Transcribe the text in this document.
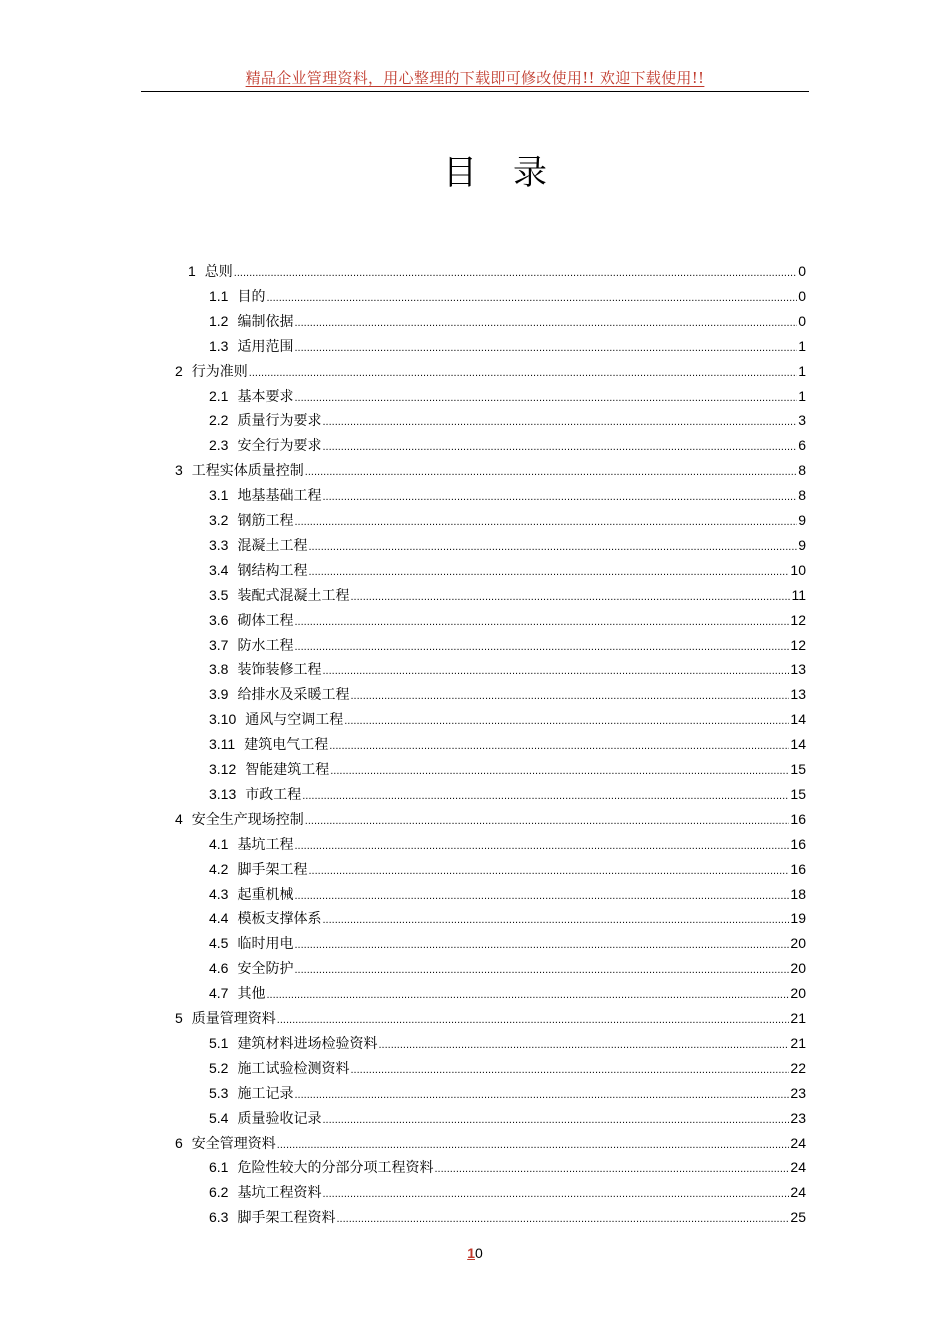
精品企业管理资料，用心整理的下载即可修改使用!! 欢迎下载使用!!
目录
1 总则 .....	0
1.1 目的 .....	0
1.2 编制依据 .....	0
1.3 适用范围 .....	1
2 行为准则 .....	1
2.1 基本要求 .....	1
2.2 质量行为要求 .....	3
2.3 安全行为要求 .....	6
3 工程实体质量控制 .....	8
3.1 地基基础工程 .....	8
3.2 钢筋工程 .....	9
3.3 混凝土工程 .....	9
3.4 钢结构工程 .....	10
3.5 装配式混凝土工程 .....	11
3.6 砌体工程 .....	12
3.7 防水工程 .....	12
3.8 装饰装修工程 .....	13
3.9 给排水及采暖工程 .....	13
3.10 通风与空调工程 .....	14
3.11 建筑电气工程 .....	14
3.12 智能建筑工程 .....	15
3.13 市政工程 .....	15
4 安全生产现场控制 .....	16
4.1 基坑工程 .....	16
4.2 脚手架工程 .....	16
4.3 起重机械 .....	18
4.4 模板支撑体系 .....	19
4.5 临时用电 .....	20
4.6 安全防护 .....	20
4.7 其他 .....	20
5 质量管理资料 .....	21
5.1 建筑材料进场检验资料 .....	21
5.2 施工试验检测资料 .....	22
5.3 施工记录 .....	23
5.4 质量验收记录 .....	23
6 安全管理资料 .....	24
6.1 危险性较大的分部分项工程资料 .....	24
6.2 基坑工程资料 .....	24
6.3 脚手架工程资料 .....	25
10
